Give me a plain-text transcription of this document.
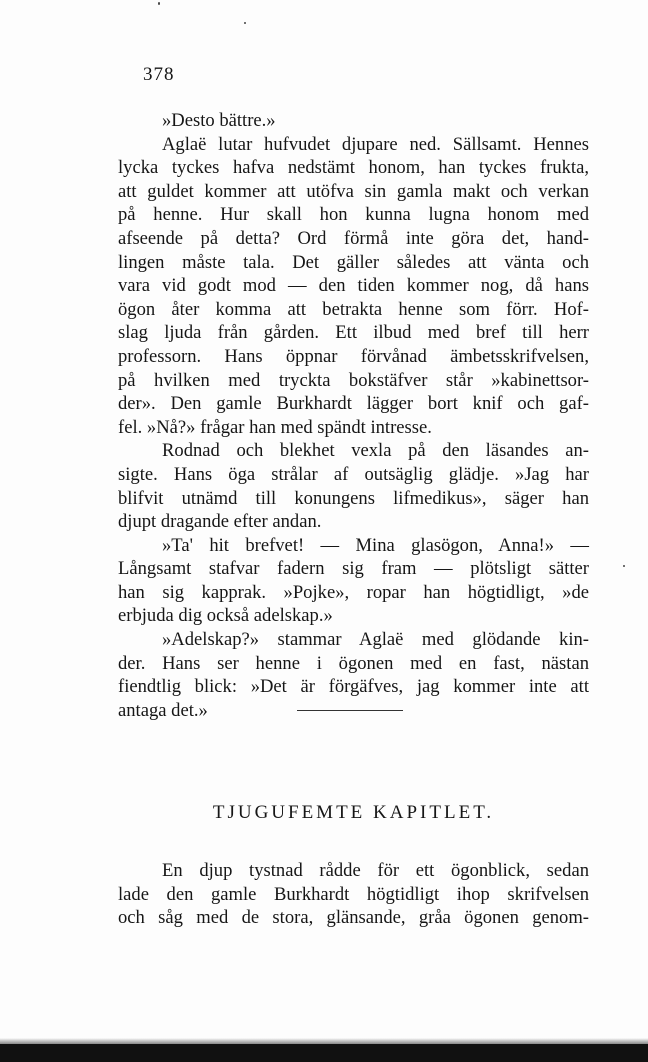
378
»Desto bättre.»
Aglaë lutar hufvudet djupare ned. Sällsamt. Hennes
lycka tyckes hafva nedstämt honom, han tyckes frukta,
att guldet kommer att utöfva sin gamla makt och verkan
på henne. Hur skall hon kunna lugna honom med
afseende på detta? Ord förmå inte göra det, hand-
lingen måste tala. Det gäller således att vänta och
vara vid godt mod — den tiden kommer nog, då hans
ögon åter komma att betrakta henne som förr. Hof-
slag ljuda från gården. Ett ilbud med bref till herr
professorn. Hans öppnar förvånad ämbetsskrifvelsen,
på hvilken med tryckta bokstäfver står »kabinettsor-
der». Den gamle Burkhardt lägger bort knif och gaf-
fel. »Nå?» frågar han med spändt intresse.
Rodnad och blekhet vexla på den läsandes an-
sigte. Hans öga strålar af outsäglig glädje. »Jag har
blifvit utnämd till konungens lifmedikus», säger han
djupt dragande efter andan.
»Ta' hit brefvet! — Mina glasögon, Anna!» —
Långsamt stafvar fadern sig fram — plötsligt sätter
han sig kapprak. »Pojke», ropar han högtidligt, »de
erbjuda dig också adelskap.»
»Adelskap?» stammar Aglaë med glödande kin-
der. Hans ser henne i ögonen med en fast, nästan
fiendtlig blick: »Det är förgäfves, jag kommer inte att
antaga det.»
TJUGUFEMTE KAPITLET.
En djup tystnad rådde för ett ögonblick, sedan
lade den gamle Burkhardt högtidligt ihop skrifvelsen
och såg med de stora, glänsande, gråa ögonen genom-
